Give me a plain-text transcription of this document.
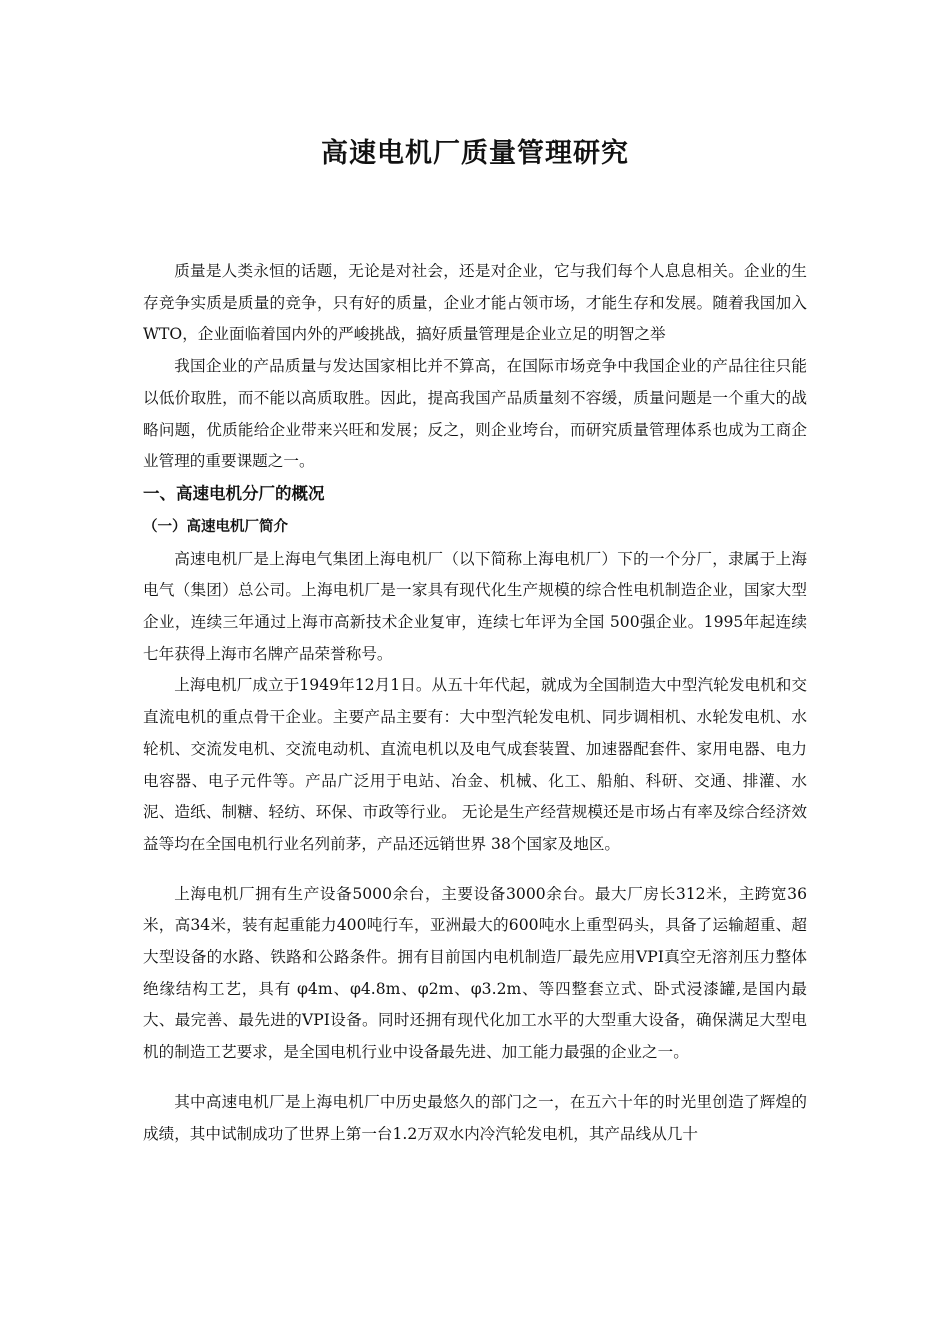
高速电机厂质量管理研究

质量是人类永恒的话题，无论是对社会，还是对企业，它与我们每个人息息相关。企业的生存竞争实质是质量的竞争，只有好的质量，企业才能占领市场，才能生存和发展。随着我国加入WTO，企业面临着国内外的严峻挑战，搞好质量管理是企业立足的明智之举

我国企业的产品质量与发达国家相比并不算高，在国际市场竞争中我国企业的产品往往只能以低价取胜，而不能以高质取胜。因此，提高我国产品质量刻不容缓，质量问题是一个重大的战略问题，优质能给企业带来兴旺和发展；反之，则企业垮台，而研究质量管理体系也成为工商企业管理的重要课题之一。

一、高速电机分厂的概况
（一）高速电机厂简介

高速电机厂是上海电气集团上海电机厂（以下简称上海电机厂）下的一个分厂，隶属于上海电气（集团）总公司。上海电机厂是一家具有现代化生产规模的综合性电机制造企业，国家大型企业，连续三年通过上海市高新技术企业复审，连续七年评为全国 500强企业。1995年起连续七年获得上海市名牌产品荣誉称号。

上海电机厂成立于1949年12月1日。从五十年代起，就成为全国制造大中型汽轮发电机和交直流电机的重点骨干企业。主要产品主要有：大中型汽轮发电机、同步调相机、水轮发电机、水轮机、交流发电机、交流电动机、直流电机以及电气成套装置、加速器配套件、家用电器、电力电容器、电子元件等。产品广泛用于电站、冶金、机械、化工、船舶、科研、交通、排灌、水泥、造纸、制糖、轻纺、环保、市政等行业。 无论是生产经营规模还是市场占有率及综合经济效益等均在全国电机行业名列前茅，产品还远销世界 38个国家及地区。

上海电机厂拥有生产设备5000余台，主要设备3000余台。最大厂房长312米，主跨宽36米，高34米，装有起重能力400吨行车，亚洲最大的600吨水上重型码头，具备了运输超重、超大型设备的水路、铁路和公路条件。拥有目前国内电机制造厂最先应用VPI真空无溶剂压力整体绝缘结构工艺，具有 φ4m、φ4.8m、φ2m、φ3.2m、等四整套立式、卧式浸漆罐,是国内最大、最完善、最先进的VPI设备。同时还拥有现代化加工水平的大型重大设备，确保满足大型电机的制造工艺要求，是全国电机行业中设备最先进、加工能力最强的企业之一。

其中高速电机厂是上海电机厂中历史最悠久的部门之一，在五六十年的时光里创造了辉煌的成绩，其中试制成功了世界上第一台1.2万双水内冷汽轮发电机，其产品线从几十
